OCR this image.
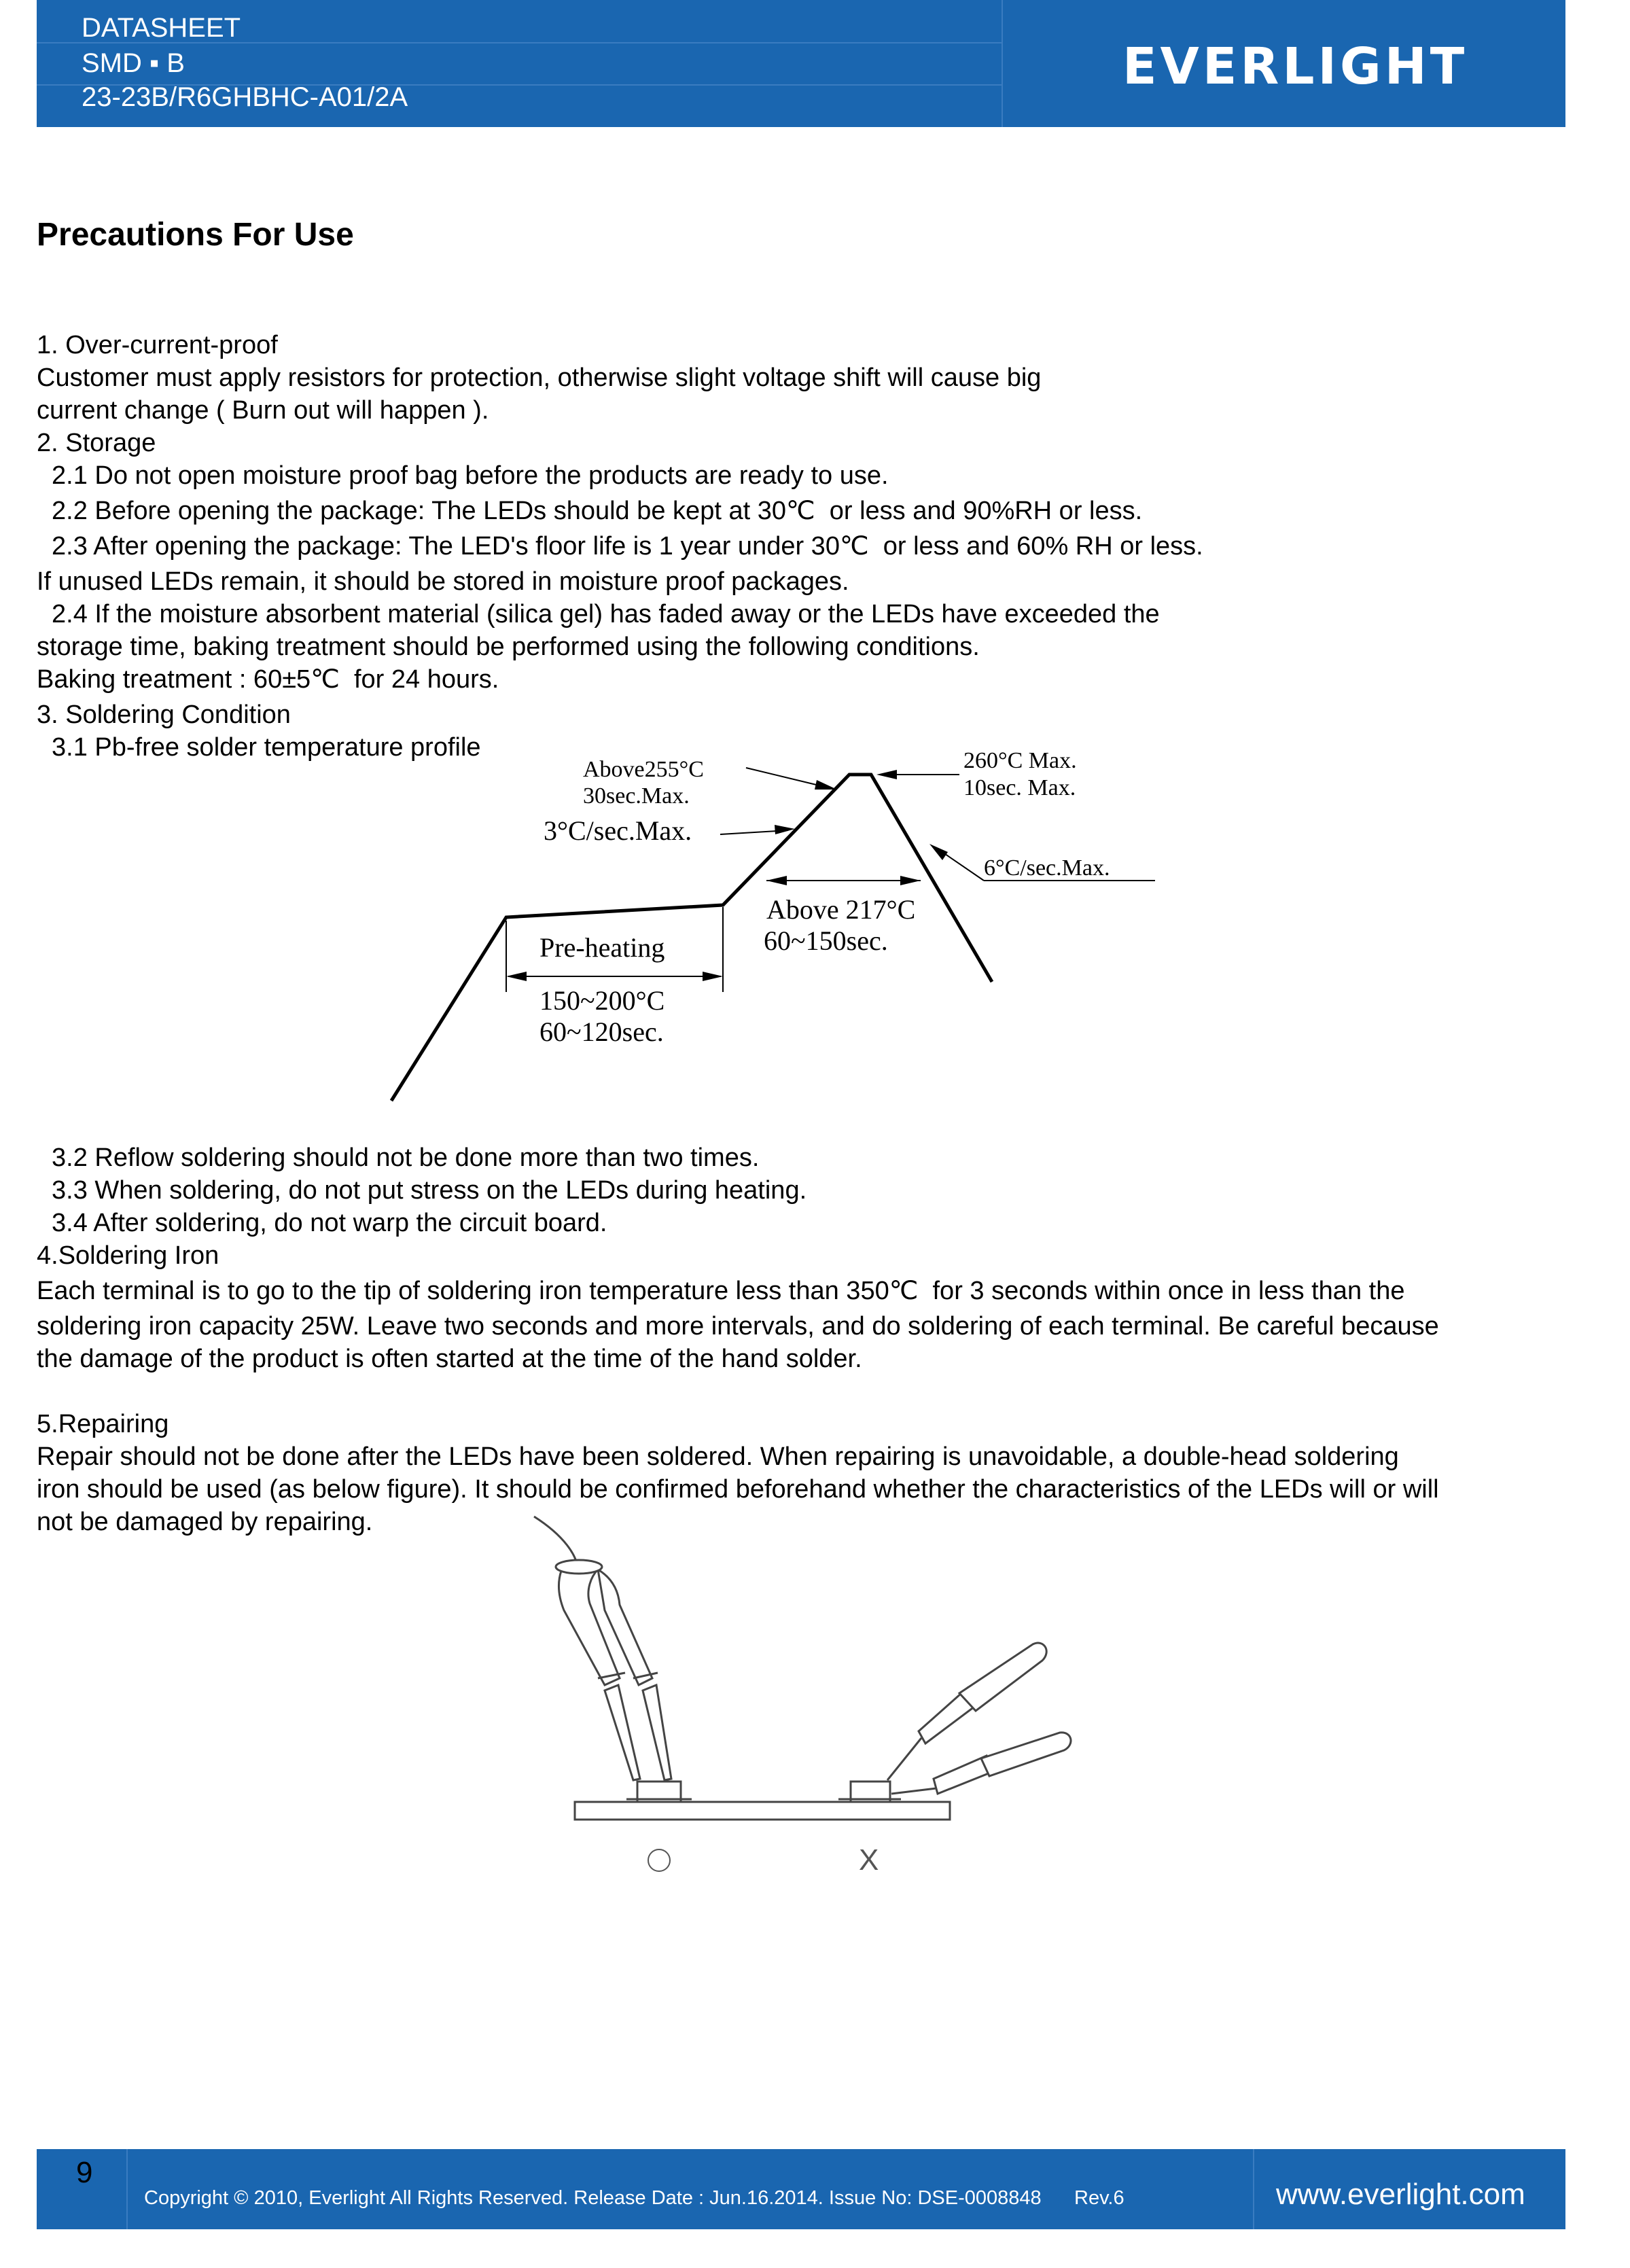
DATASHEET
SMD ▪ B
23-23B/R6GHBHC-A01/2A
EVERLIGHT
Precautions For Use

1. Over-current-proof
Customer must apply resistors for protection, otherwise slight voltage shift will cause big
current change ( Burn out will happen ).
2. Storage
2.1 Do not open moisture proof bag before the products are ready to use.
2.2 Before opening the package: The LEDs should be kept at 30℃  or less and 90%RH or less.
2.3 After opening the package: The LED's floor life is 1 year under 30℃  or less and 60% RH or less.
If unused LEDs remain, it should be stored in moisture proof packages.
2.4 If the moisture absorbent material (silica gel) has faded away or the LEDs have exceeded the
storage time, baking treatment should be performed using the following conditions.
Baking treatment : 60±5℃  for 24 hours.
3. Soldering Condition
3.1 Pb-free solder temperature profile

Above255°C
30sec.Max.
3°C/sec.Max.
260°C Max.
10sec. Max.
6°C/sec.Max.
Above 217°C
60~150sec.
Pre-heating
150~200°C
60~120sec.

3.2 Reflow soldering should not be done more than two times.
3.3 When soldering, do not put stress on the LEDs during heating.
3.4 After soldering, do not warp the circuit board.
4.Soldering Iron
Each terminal is to go to the tip of soldering iron temperature less than 350℃  for 3 seconds within once in less than the
soldering iron capacity 25W. Leave two seconds and more intervals, and do soldering of each terminal. Be careful because
the damage of the product is often started at the time of the hand solder.
5.Repairing
Repair should not be done after the LEDs have been soldered. When repairing is unavoidable, a double-head soldering
iron should be used (as below figure). It should be confirmed beforehand whether the characteristics of the LEDs will or will
not be damaged by repairing.

X
9
Copyright © 2010, Everlight All Rights Reserved. Release Date : Jun.16.2014. Issue No: DSE-0008848      Rev.6	www.everlight.com
